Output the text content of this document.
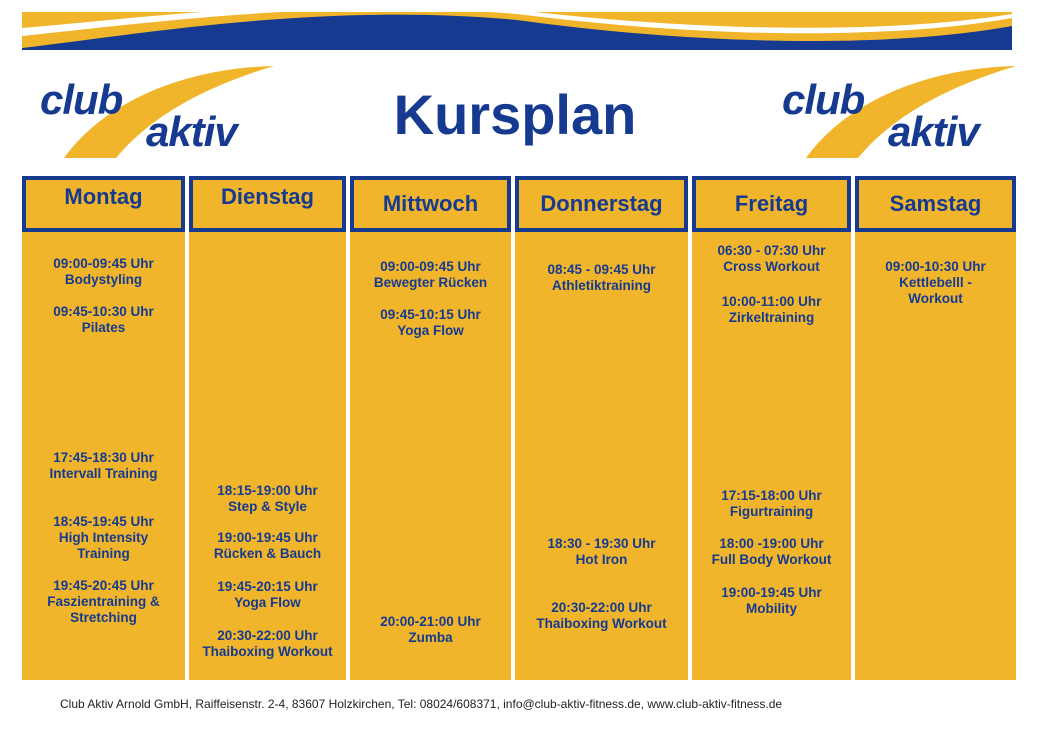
club
aktiv	Kursplan	club
aktiv
Montag
09:00-09:45 Uhr
Bodystyling
09:45-10:30 Uhr
Pilates
17:45-18:30 Uhr
Intervall Training
18:45-19:45 Uhr
High Intensity Training
19:45-20:45 Uhr
Faszientraining & Stretching
Dienstag
18:15-19:00 Uhr
Step & Style
19:00-19:45 Uhr
Rücken & Bauch
19:45-20:15 Uhr
Yoga Flow
20:30-22:00 Uhr
Thaiboxing Workout
Mittwoch
09:00-09:45 Uhr
Bewegter Rücken
09:45-10:15 Uhr
Yoga Flow
20:00-21:00 Uhr
Zumba
Donnerstag
08:45 - 09:45 Uhr
Athletiktraining
18:30 - 19:30 Uhr
Hot Iron
20:30-22:00 Uhr
Thaiboxing Workout
Freitag
06:30 - 07:30 Uhr
Cross Workout
10:00-11:00 Uhr
Zirkeltraining
17:15-18:00 Uhr
Figurtraining
18:00 -19:00 Uhr
Full Body Workout
19:00-19:45 Uhr
Mobility
Samstag
09:00-10:30 Uhr
Kettlebelll - Workout
Club Aktiv Arnold GmbH, Raiffeisenstr. 2-4, 83607 Holzkirchen, Tel: 08024/608371, info@club-aktiv-fitness.de, www.club-aktiv-fitness.de
